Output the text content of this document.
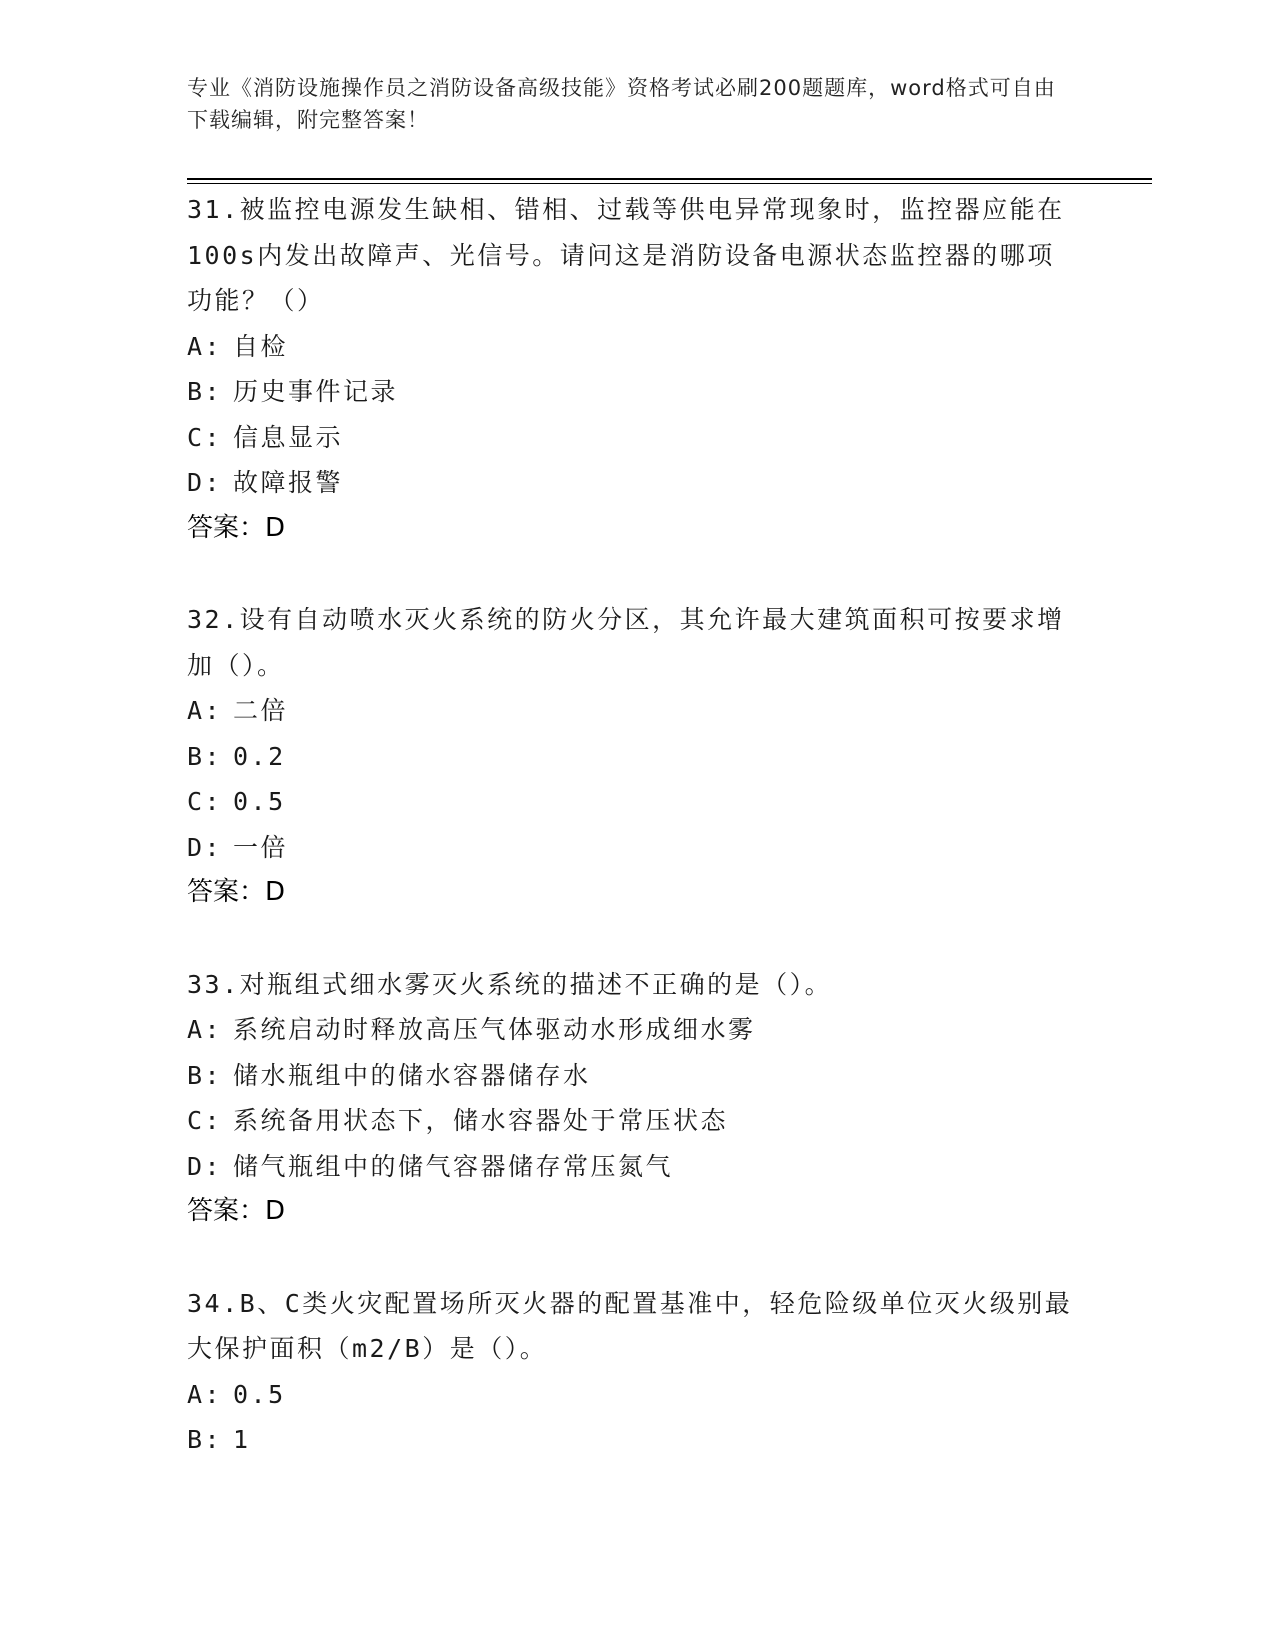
专业《消防设施操作员之消防设备高级技能》资格考试必刷200题题库，word格式可自由下载编辑，附完整答案！
31.被监控电源发生缺相、错相、过载等供电异常现象时，监控器应能在100s内发出故障声、光信号。请问这是消防设备电源状态监控器的哪项功能？（）
A: 自检
B: 历史事件记录
C: 信息显示
D: 故障报警
答案：D
32.设有自动喷水灭火系统的防火分区，其允许最大建筑面积可按要求增加（）。
A: 二倍
B: 0.2
C: 0.5
D: 一倍
答案：D
33.对瓶组式细水雾灭火系统的描述不正确的是（）。
A: 系统启动时释放高压气体驱动水形成细水雾
B: 储水瓶组中的储水容器储存水
C: 系统备用状态下，储水容器处于常压状态
D: 储气瓶组中的储气容器储存常压氮气
答案：D
34.B、C类火灾配置场所灭火器的配置基准中，轻危险级单位灭火级别最大保护面积（m2/B）是（）。
A: 0.5
B: 1
